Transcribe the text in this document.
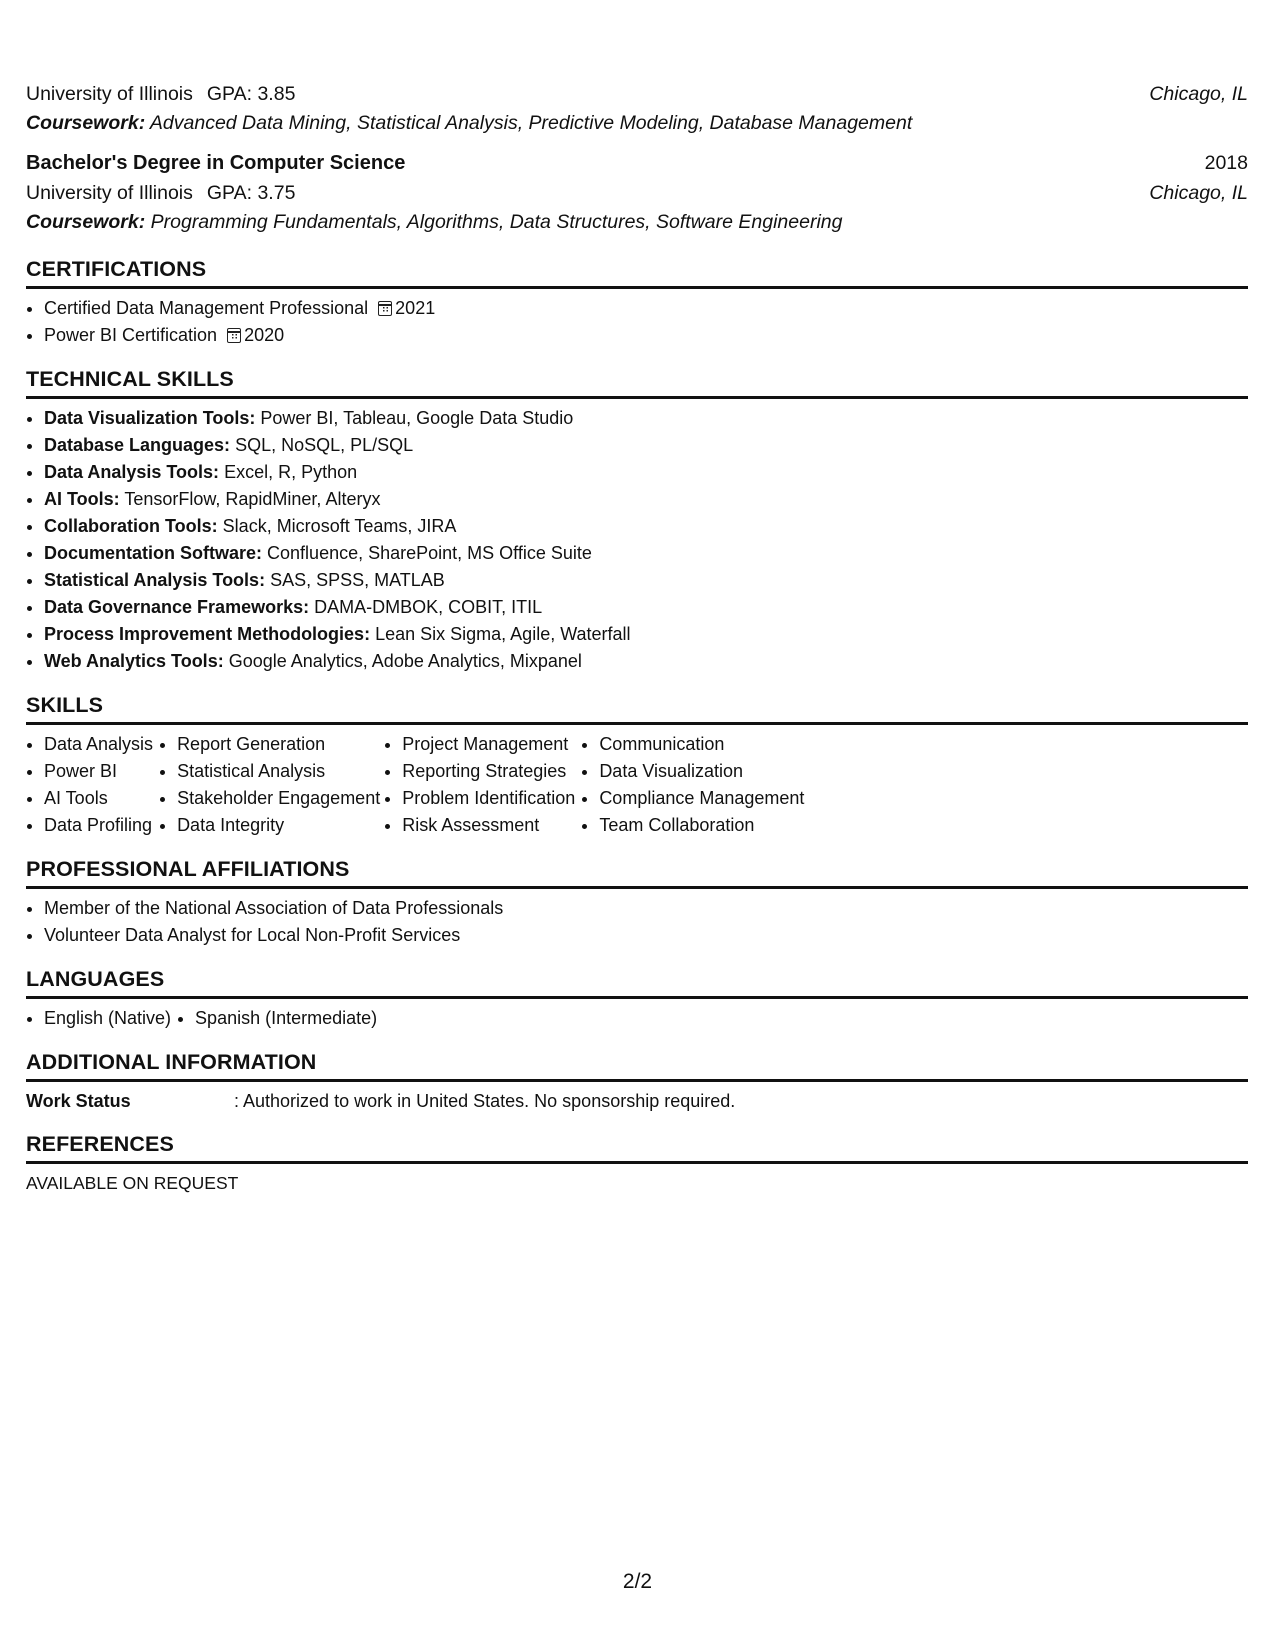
University of Illinois GPA: 3.85	Chicago, IL
Coursework: Advanced Data Mining, Statistical Analysis, Predictive Modeling, Database Management
Bachelor's Degree in Computer Science	2018
University of Illinois GPA: 3.75	Chicago, IL
Coursework: Programming Fundamentals, Algorithms, Data Structures, Software Engineering
CERTIFICATIONS
• Certified Data Management Professional 2021
• Power BI Certification 2020
TECHNICAL SKILLS
• Data Visualization Tools: Power BI, Tableau, Google Data Studio
• Database Languages: SQL, NoSQL, PL/SQL
• Data Analysis Tools: Excel, R, Python
• AI Tools: TensorFlow, RapidMiner, Alteryx
• Collaboration Tools: Slack, Microsoft Teams, JIRA
• Documentation Software: Confluence, SharePoint, MS Office Suite
• Statistical Analysis Tools: SAS, SPSS, MATLAB
• Data Governance Frameworks: DAMA-DMBOK, COBIT, ITIL
• Process Improvement Methodologies: Lean Six Sigma, Agile, Waterfall
• Web Analytics Tools: Google Analytics, Adobe Analytics, Mixpanel
SKILLS
• Data Analysis
• Power BI
• AI Tools
• Data Profiling
• Report Generation
• Statistical Analysis
• Stakeholder Engagement
• Data Integrity
• Project Management
• Reporting Strategies
• Problem Identification
• Risk Assessment
• Communication
• Data Visualization
• Compliance Management
• Team Collaboration
PROFESSIONAL AFFILIATIONS
• Member of the National Association of Data Professionals
• Volunteer Data Analyst for Local Non-Profit Services
LANGUAGES
• English (Native)
• Spanish (Intermediate)
ADDITIONAL INFORMATION
Work Status	: Authorized to work in United States. No sponsorship required.
REFERENCES
AVAILABLE ON REQUEST
2/2
